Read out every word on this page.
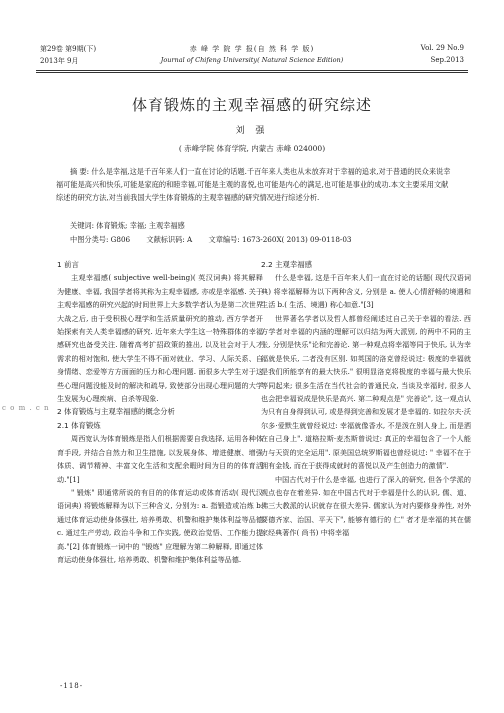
第29卷 第9期(下)
2013年 9月
赤 峰 学 院 学 报(自 然 科 学 版)
Journal of Chifeng University( Natural Science Edition)
Vol. 29 No.9
Sep.2013
体育锻炼的主观幸福感的研究综述
刘 强
( 赤峰学院 体育学院, 内蒙古 赤峰 024000)

摘 要: 什么是幸福,这是千百年来人们一直在讨论的话题.千百年来人类也从未放弃对于幸福的追求,对于普通的民众来说幸福可能是高兴和快乐,可能是家庭的和睦幸福,可能是主观的喜悦,也可能是内心的满足,也可能是事业的成功.本文主要采用文献综述的研究方法,对当前我国大学生体育锻炼的主观幸福感的研究情况进行综述分析.

关键词: 体育锻炼; 幸福; 主观幸福感
中图分类号: G806 文献标识码: A 文章编号: 1673-260X( 2013) 09-0118-03
1 前言

主观幸福感( subjective well-being)( 英汉词典) 将其解释为健康、幸福, 我国学者将其称为主观幸福感, 亦或是幸福感. 关于主观幸福感的研究兴起的时间世界上大多数学者认为是第二次世界大战之后, 由于受积极心理学和生活质量研究的推动, 西方学者开始探索有关人类幸福感的研究. 近年来大学生这一特殊群体的幸福感研究也备受关注. 随着高考扩招政策的推出, 以及社会对于人才需求的相对饱和, 使大学生不得不面对就业、学习、人际关系、自身情绪、恋爱等方方面面的压力和心理问题. 面很多大学生对于这些心理问题没能及时的解决和疏导, 致使部分出现心理问题的大学生发展为心理疾病、自杀等现象.

2 体育锻炼与主观幸福感的概念分析
2.1 体育锻炼

周西宽认为体育锻炼是指人们根据需要自我选择, 运用各种体育手段, 并结合自然力和卫生措施, 以发展身体、增进健康、增强体质、调节精神、丰富文化生活和支配余暇时间为目的的体育活动."[1]

" 锻炼" 即通常所说的有目的的体育运动或体育活动( 现代汉语词典) 将锻炼解释为以下三种含义, 分别为: a. 指锻造或冶炼 b. 通过体育运动使身体强壮, 培养勇敢、机警和维护集体利益等品德 c. 通过生产劳动, 政治斗争和工作实践, 使政治觉悟、工作能力提高."[2] 体育锻炼一词中的 "锻炼" 应理解为第二种解释, 即通过体育运动使身体强壮, 培养勇敢、机警和维护集体利益等品德.

2.2 主观幸福感

什么是幸福, 这是千百年来人们一直在讨论的话题( 现代汉语词典) 将幸福解释为以下两种含义, 分别是 a. 使人心情舒畅的境遇和生活 b.( 生活、境遇) 称心如意."[3]

世界著名学者以及哲人都曾经阐述过自己关于幸福的看法. 西方学者对幸福的内涵的理解可以归结为两大派别, 的两中不同的主张, 分别是快乐"论和完善论. 第一种观点将幸福等同于快乐, 认为幸福就是快乐, 二者没有区别. 如英国的洛克曾经说过: 极度的幸福就是我们所能享有的最大快乐." 很明显洛克将极度的幸福与最大快乐等同起来; 很多生活在当代社会的普通民众, 当谈及幸福时, 很多人也会把幸福说成是快乐是高兴. 第二种观点是" 完善论", 这一观点认为只有自身得到认可, 或是得到完善和发展才是幸福的. 如拉尔夫·沃尔多·爱默生就曾经说过: 幸福就像香水, 不是泼在别人身上, 而是洒在自己身上". 道格拉斯·麦杰斯曾说过: 真正的幸福包含了一个人能力与天资的完全运用". 原美国总统罗斯福也曾经说过: " 幸福不在于拥有金钱, 而在于获得成就时的喜悦以及产生创造力的激情".

中国古代对于什么是幸福, 也进行了深入的研究, 但各个学派的观点也存在着差异. 如在中国古代对于幸福是什么的认识, 儒、道、佛三大教派的认识就存在很大差异. 儒家认为对内要修身养性, 对外要德齐家、治国、平天下", 能够有德行的 仁" 者才是幸福的其在儒家经典著作( 尚书) 中将幸福

c o m . c n
-118-
